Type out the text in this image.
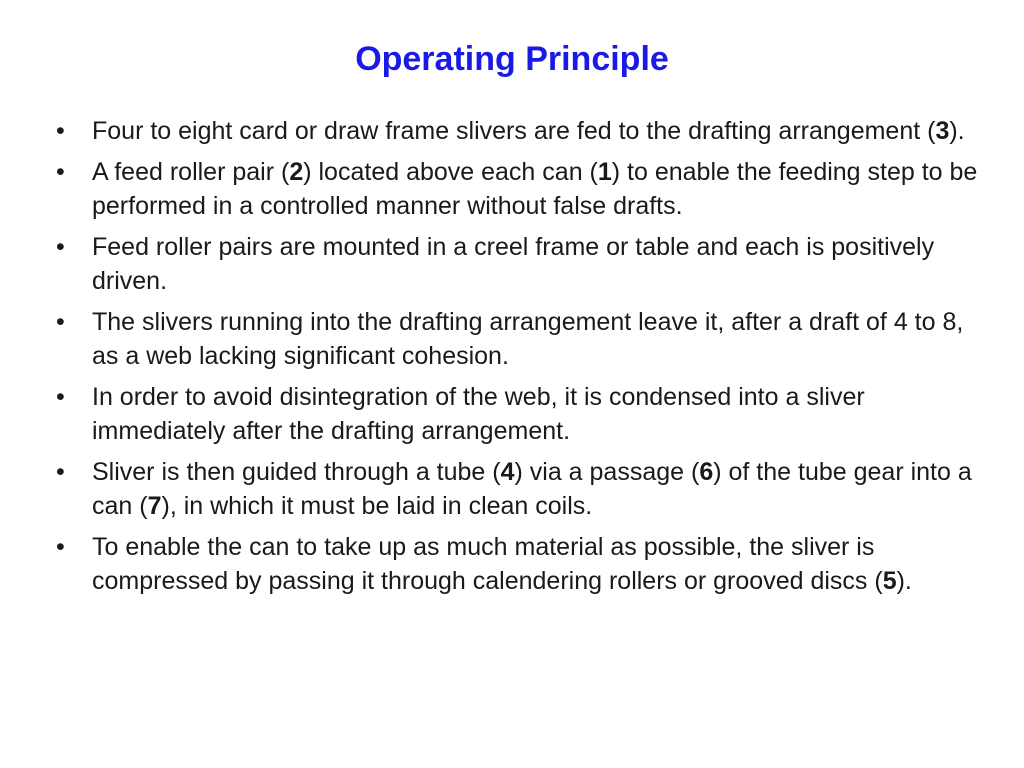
Operating Principle
•	Four to eight card or draw frame slivers are fed to the drafting arrangement (3).
•	A feed roller pair (2) located above each can (1) to enable the feeding step to be performed in a controlled manner without false drafts.
•	Feed roller pairs are mounted in a creel frame or table and each is positively driven.
•	The slivers running into the drafting arrangement leave it, after a draft of 4 to 8, as a web lacking significant cohesion.
•	In order to avoid disintegration of the web, it is condensed into a sliver immediately after the drafting arrangement.
•	Sliver is then guided through a tube (4) via a passage (6) of the tube gear into a can (7), in which it must be laid in clean coils.
•	To enable the can to take up as much material as possible, the sliver is compressed by passing it through calendering rollers or grooved discs (5).
